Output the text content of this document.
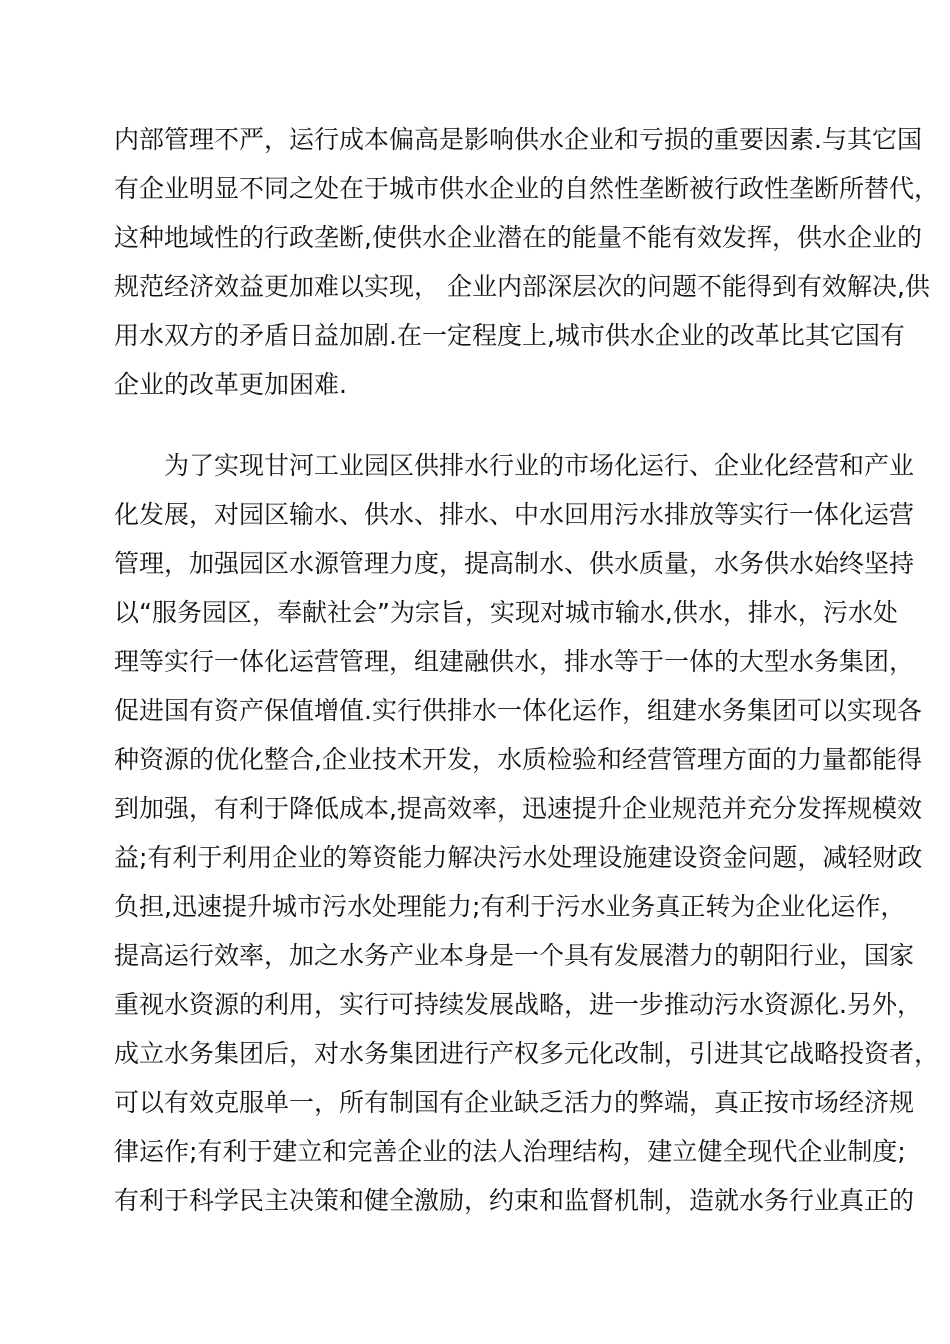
内部管理不严，运行成本偏高是影响供水企业和亏损的重要因素.与其它国
有企业明显不同之处在于城市供水企业的自然性垄断被行政性垄断所替代，
这种地域性的行政垄断,使供水企业潜在的能量不能有效发挥，供水企业的
规范经济效益更加难以实现， 企业内部深层次的问题不能得到有效解决,供
用水双方的矛盾日益加剧.在一定程度上,城市供水企业的改革比其它国有
企业的改革更加困难.
为了实现甘河工业园区供排水行业的市场化运行、企业化经营和产业
化发展，对园区输水、供水、排水、中水回用污水排放等实行一体化运营
管理，加强园区水源管理力度，提高制水、供水质量，水务供水始终坚持
以“服务园区，奉献社会”为宗旨，实现对城市输水,供水，排水，污水处
理等实行一体化运营管理，组建融供水，排水等于一体的大型水务集团，
促进国有资产保值增值.实行供排水一体化运作，组建水务集团可以实现各
种资源的优化整合,企业技术开发，水质检验和经营管理方面的力量都能得
到加强，有利于降低成本,提高效率，迅速提升企业规范并充分发挥规模效
益;有利于利用企业的筹资能力解决污水处理设施建设资金问题，减轻财政
负担,迅速提升城市污水处理能力;有利于污水业务真正转为企业化运作，
提高运行效率，加之水务产业本身是一个具有发展潜力的朝阳行业，国家
重视水资源的利用，实行可持续发展战略，进一步推动污水资源化.另外，
成立水务集团后，对水务集团进行产权多元化改制，引进其它战略投资者，
可以有效克服单一，所有制国有企业缺乏活力的弊端，真正按市场经济规
律运作;有利于建立和完善企业的法人治理结构，建立健全现代企业制度;
有利于科学民主决策和健全激励，约束和监督机制，造就水务行业真正的
